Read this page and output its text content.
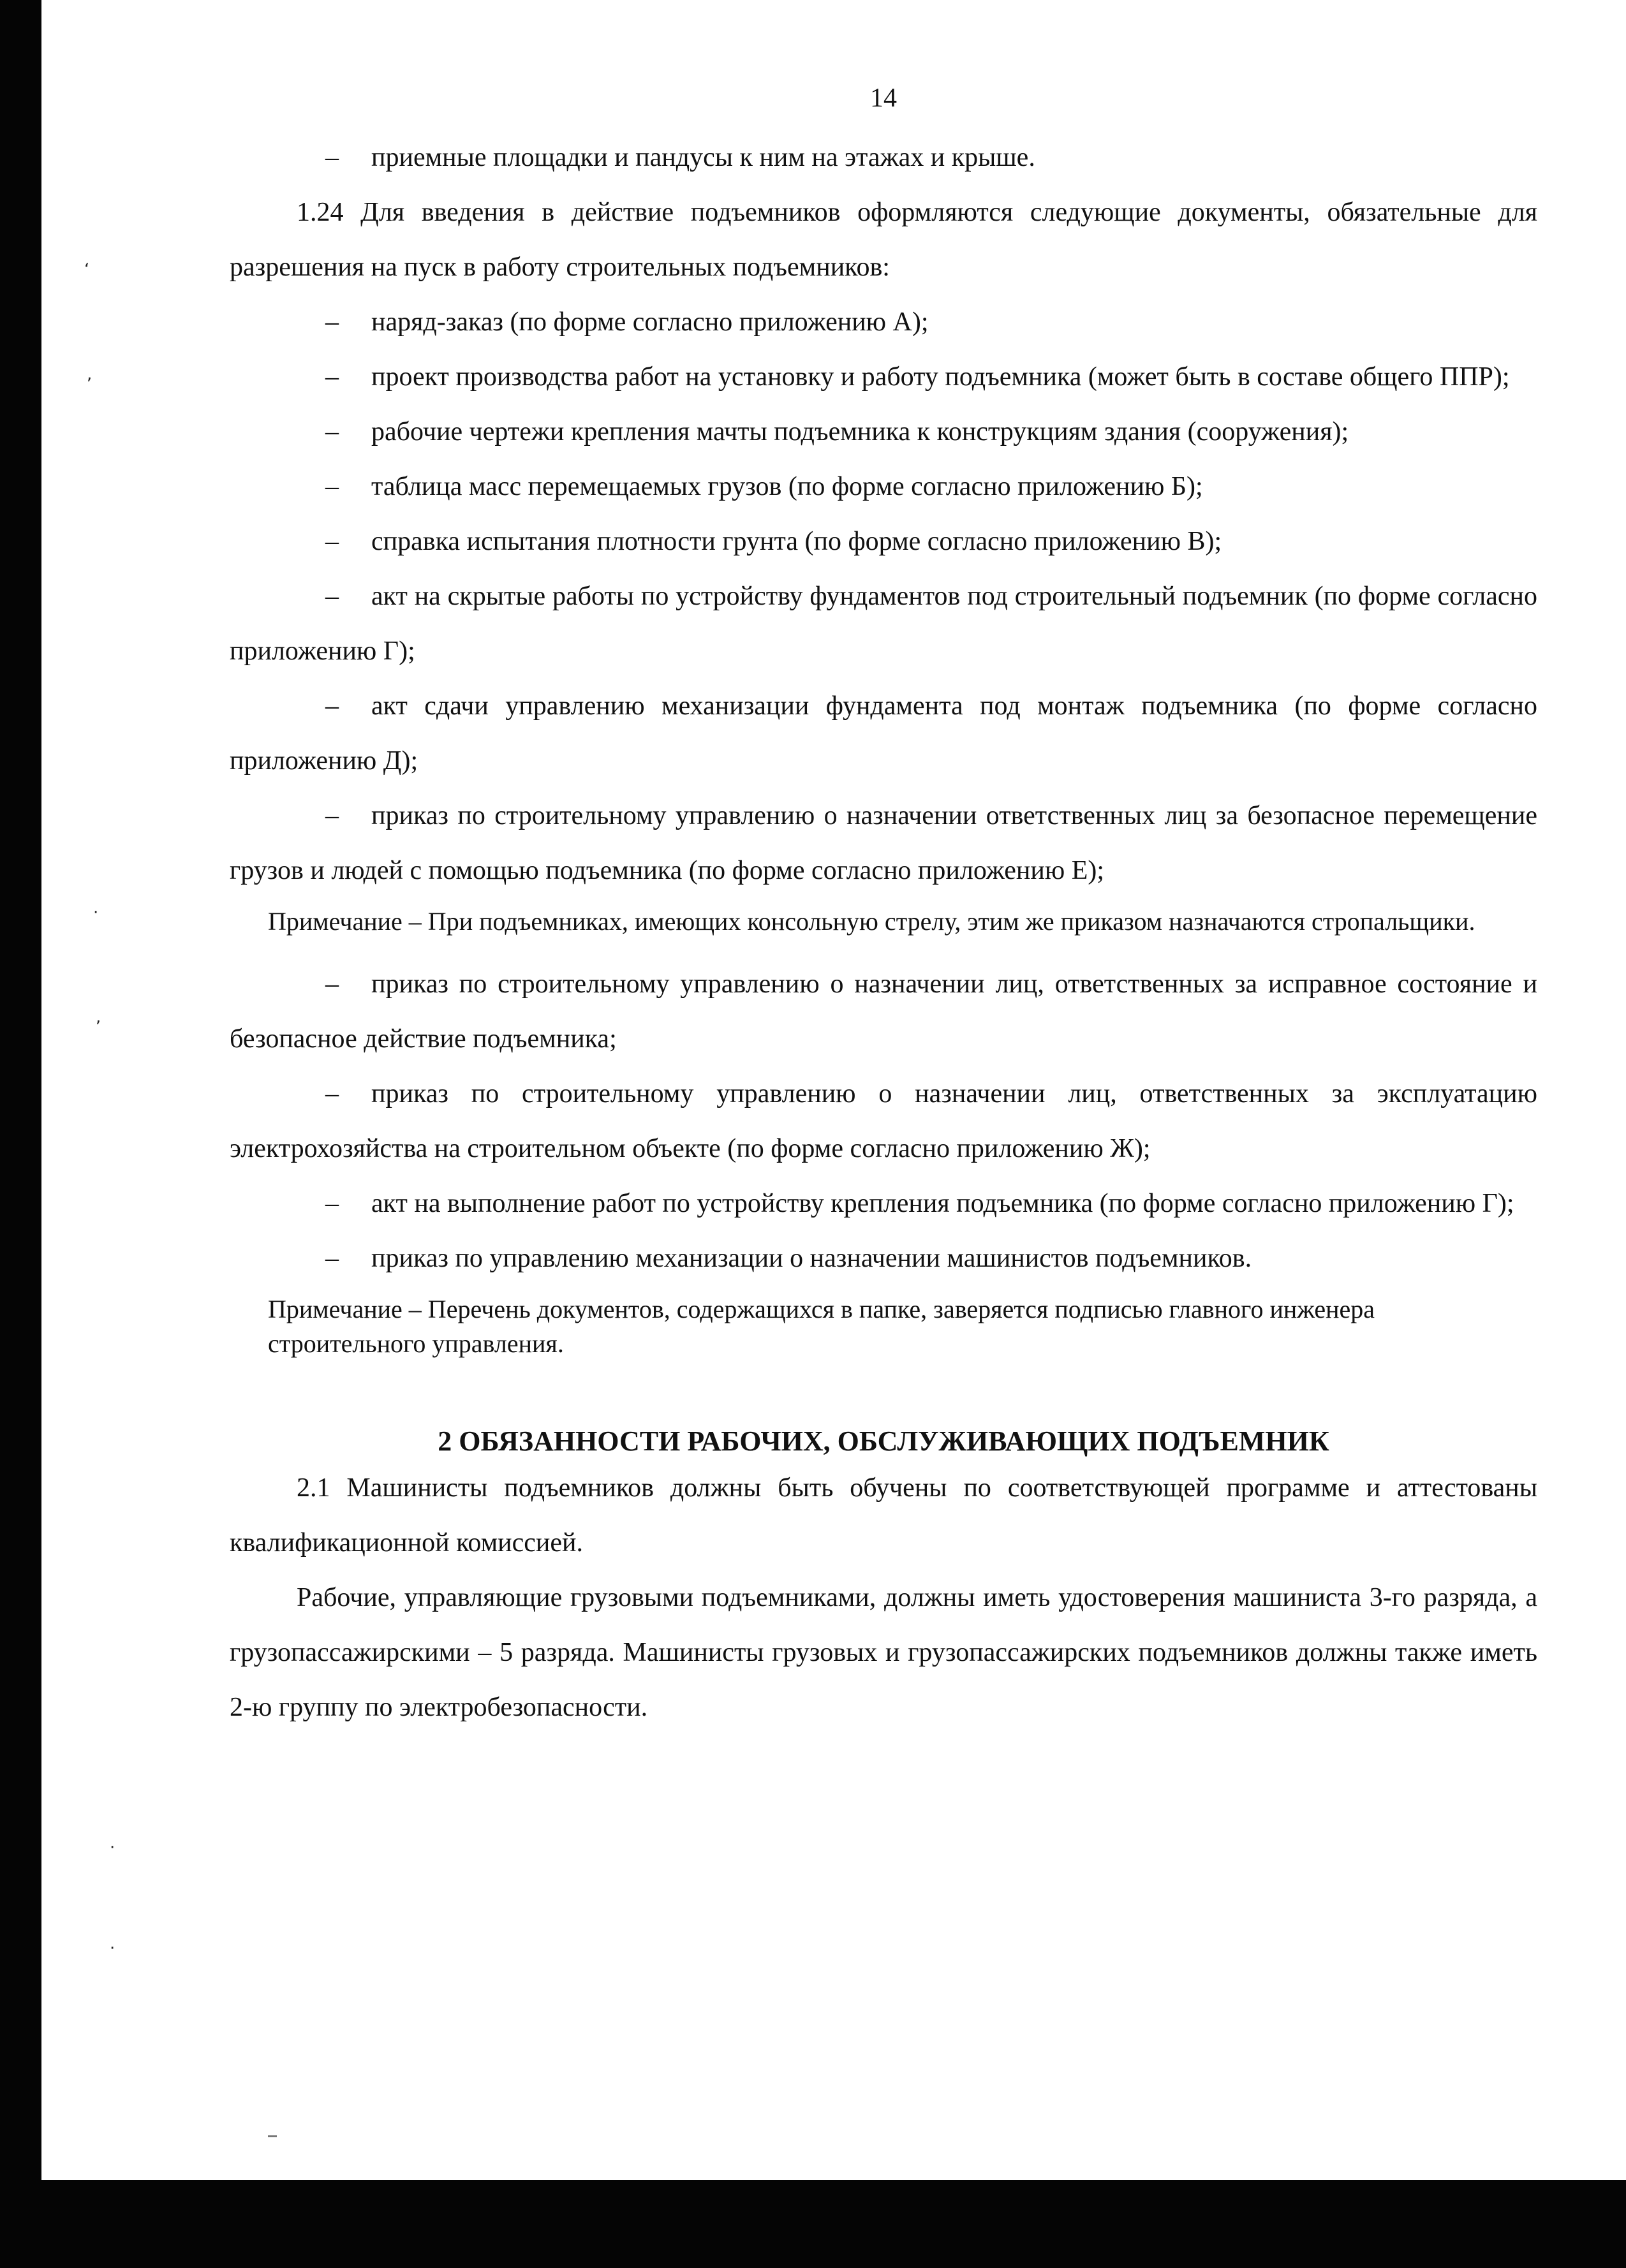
‘
,
·
,
·
·
14

– приемные площадки и пандусы к ним на этажах и крыше.

1.24 Для введения в действие подъемников оформляются следующие документы, обязательные для разрешения на пуск в работу строительных подъемников:

– наряд-заказ (по форме согласно приложению А);

– проект производства работ на установку и работу подъемника (может быть в составе общего ППР);

– рабочие чертежи крепления мачты подъемника к конструкциям здания (сооружения);

– таблица масс перемещаемых грузов (по форме согласно приложению Б);

– справка испытания плотности грунта (по форме согласно приложению В);

– акт на скрытые работы по устройству фундаментов под строительный подъемник (по форме согласно приложению Г);

– акт сдачи управлению механизации фундамента под монтаж подъемника (по форме согласно приложению Д);

– приказ по строительному управлению о назначении ответственных лиц за безопасное перемещение грузов и людей с помощью подъемника (по форме согласно приложению Е);

Примечание – При подъемниках, имеющих консольную стрелу, этим же приказом назначаются стропальщики.

– приказ по строительному управлению о назначении лиц, ответственных за исправное состояние и безопасное действие подъемника;

– приказ по строительному управлению о назначении лиц, ответственных за эксплуатацию электрохозяйства на строительном объекте (по форме согласно приложению Ж);

– акт на выполнение работ по устройству крепления подъемника (по форме согласно приложению Г);

– приказ по управлению механизации о назначении машинистов подъемников.

Примечание – Перечень документов, содержащихся в папке, заверяется подписью главного инженера строительного управления.

2 ОБЯЗАННОСТИ РАБОЧИХ, ОБСЛУЖИВАЮЩИХ ПОДЪЕМНИК

2.1 Машинисты подъемников должны быть обучены по соответствующей программе и аттестованы квалификационной комиссией.

Рабочие, управляющие грузовыми подъемниками, должны иметь удостоверения машиниста 3-го разряда, а грузопассажирскими – 5 разряда. Машинисты грузовых и грузопассажирских подъемников должны также иметь 2-ю группу по электробезопасности.
